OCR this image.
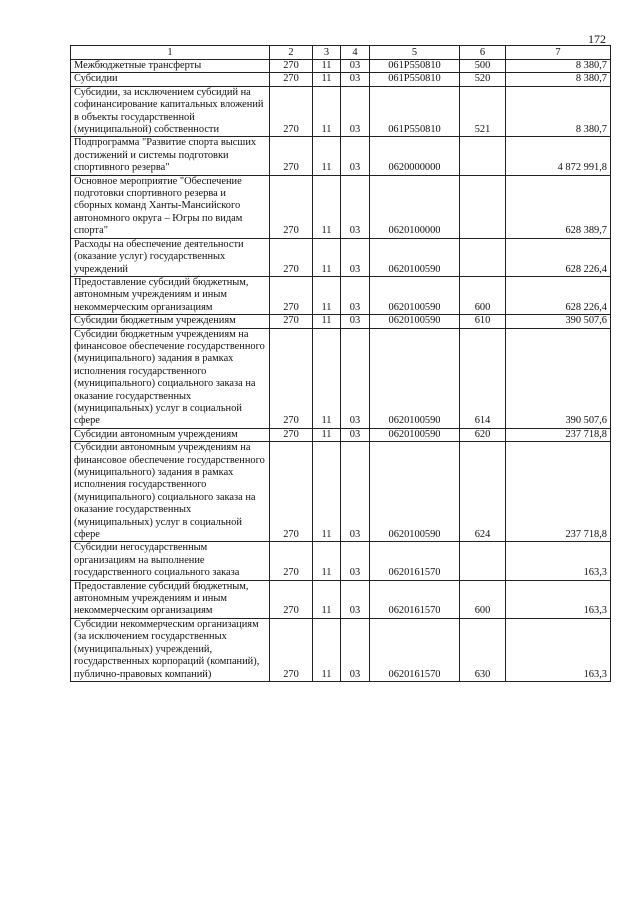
172
1	2	3	4	5	6	7
Межбюджетные трансферты	270	11	03	061P550810	500	8 380,7
Субсидии	270	11	03	061P550810	520	8 380,7
Субсидии, за исключением субсидий на софинансирование капитальных вложений в объекты государственной (муниципальной) собственности	270	11	03	061P550810	521	8 380,7
Подпрограмма "Развитие спорта высших достижений и системы подготовки спортивного резерва"	270	11	03	0620000000		4 872 991,8
Основное мероприятие "Обеспечение подготовки спортивного резерва и сборных команд Ханты-Мансийского автономного округа – Югры по видам спорта"	270	11	03	0620100000		628 389,7
Расходы на обеспечение деятельности (оказание услуг) государственных учреждений	270	11	03	0620100590		628 226,4
Предоставление субсидий бюджетным, автономным учреждениям и иным некоммерческим организациям	270	11	03	0620100590	600	628 226,4
Субсидии бюджетным учреждениям	270	11	03	0620100590	610	390 507,6
Субсидии бюджетным учреждениям на финансовое обеспечение государственного (муниципального) задания в рамках исполнения государственного (муниципального) социального заказа на оказание государственных (муниципальных) услуг в социальной сфере	270	11	03	0620100590	614	390 507,6
Субсидии автономным учреждениям	270	11	03	0620100590	620	237 718,8
Субсидии автономным учреждениям на финансовое обеспечение государственного (муниципального) задания в рамках исполнения государственного (муниципального) социального заказа на оказание государственных (муниципальных) услуг в социальной сфере	270	11	03	0620100590	624	237 718,8
Субсидии негосударственным организациям на выполнение государственного социального заказа	270	11	03	0620161570		163,3
Предоставление субсидий бюджетным, автономным учреждениям и иным некоммерческим организациям	270	11	03	0620161570	600	163,3
Субсидии некоммерческим организациям (за исключением государственных (муниципальных) учреждений, государственных корпораций (компаний), публично-правовых компаний)	270	11	03	0620161570	630	163,3
